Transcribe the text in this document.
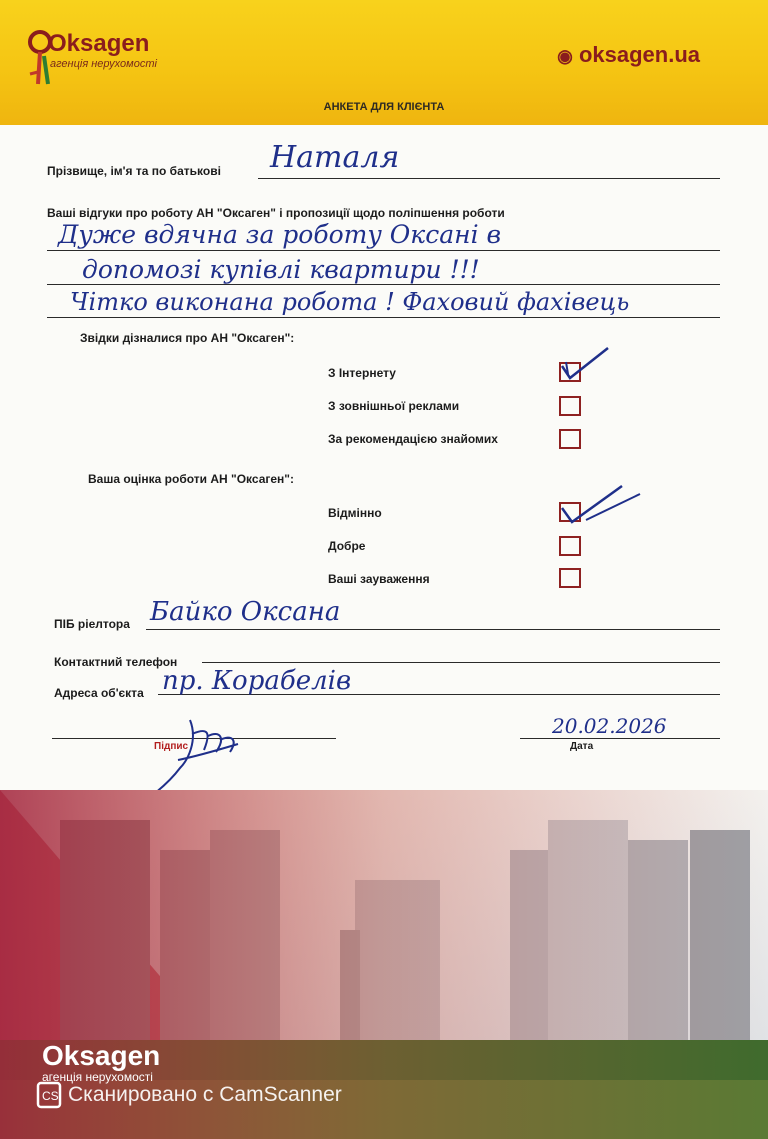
Oksagen
агенція нерухомості	◉ oksagen.ua
АНКЕТА ДЛЯ КЛІЄНТА
Прізвище, ім'я та по батькові Наталя
Ваші відгуки про роботу АН "Оксаген" і пропозиції щодо поліпшення роботи
Дуже вдячна за роботу Оксані в
допомозі купівлі квартири !!!
Чітко виконана робота ! Фаховий фахівець
Звідки дізналися про АН "Оксаген":
З Інтернету
З зовнішньої реклами
За рекомендацією знайомих
Ваша оцінка роботи АН "Оксаген":
Відмінно
Добре
Ваші зауваження
ПІБ ріелтора Байко Оксана
Контактний телефон
Адреса об'єкта пр. Корабелів
Підпис	Дата
20.02.2026
Oksagen
агенція нерухомості
CS Сканировано с CamScanner
